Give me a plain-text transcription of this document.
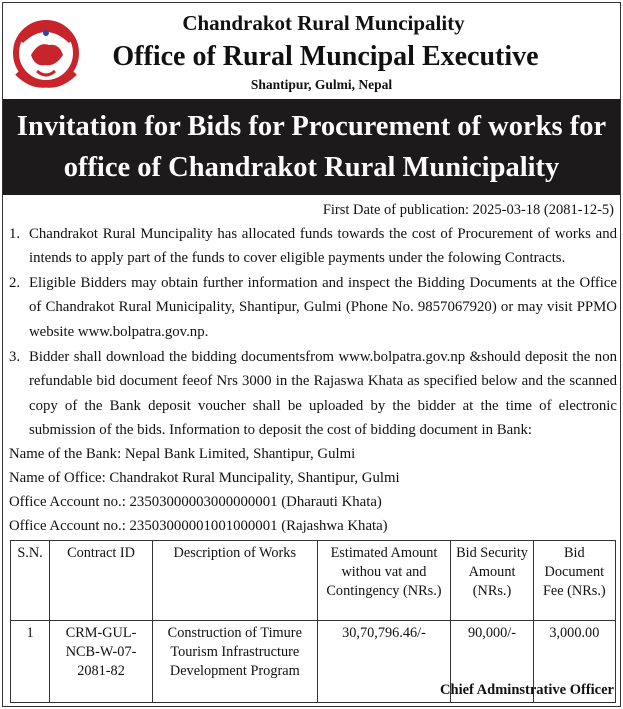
Chandrakot Rural Muncipality
Office of Rural Muncipal Executive
Shantipur, Gulmi, Nepal
Invitation for Bids for Procurement of works for
office of Chandrakot Rural Municipality
First Date of publication: 2025-03-18 (2081-12-5)
1. Chandrakot Rural Muncipality has allocated funds towards the cost of Procurement of works and intends to apply part of the funds to cover eligible payments under the folowing Contracts.
2. Eligible Bidders may obtain further information and inspect the Bidding Documents at the Office of Chandrakot Rural Municipality, Shantipur, Gulmi (Phone No. 9857067920) or may visit PPMO website www.bolpatra.gov.np.
3. Bidder shall download the bidding documentsfrom www.bolpatra.gov.np &should deposit the non refundable bid document feeof Nrs 3000 in the Rajaswa Khata as specified below and the scanned copy of the Bank deposit voucher shall be uploaded by the bidder at the time of electronic submission of the bids. Information to deposit the cost of bidding document in Bank:
Name of the Bank: Nepal Bank Limited, Shantipur, Gulmi
Name of Office: Chandrakot Rural Muncipality, Shantipur, Gulmi
Office Account no.: 23503000003000000001 (Dharauti Khata)
Office Account no.: 23503000001001000001 (Rajashwa Khata)
S.N.	Contract ID	Description of Works	Estimated Amount withou vat and Contingency (NRs.)	Bid Security Amount (NRs.)	Bid Document Fee (NRs.)
1	CRM-GUL-NCB-W-07-2081-82	Construction of Timure Tourism Infrastructure Development Program	30,70,796.46/-	90,000/-	3,000.00
Chief Adminstrative Officer
